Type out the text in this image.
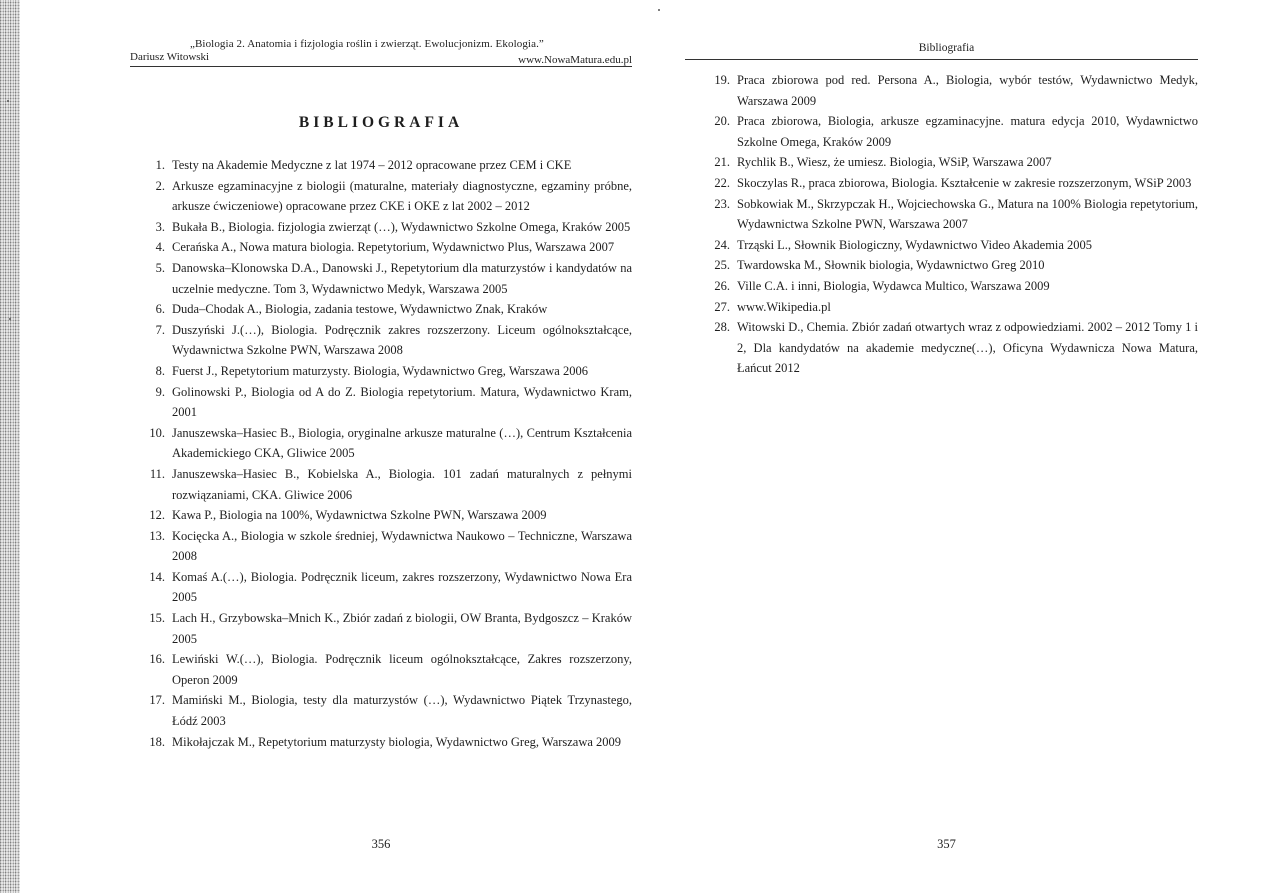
„Biologia 2. Anatomia i fizjologia roślin i zwierząt. Ewolucjonizm. Ekologia.”
Dariusz Witowski	www.NowaMatura.edu.pl
BIBLIOGRAFIA
1. Testy na Akademie Medyczne z lat 1974 – 2012 opracowane przez CEM i CKE
2. Arkusze egzaminacyjne z biologii (maturalne, materiały diagnostyczne, egzaminy próbne, arkusze ćwiczeniowe) opracowane przez CKE i OKE z lat 2002 – 2012
3. Bukała B., Biologia. fizjologia zwierząt (…), Wydawnictwo Szkolne Omega, Kraków 2005
4. Cerańska A., Nowa matura biologia. Repetytorium, Wydawnictwo Plus, Warszawa 2007
5. Danowska–Klonowska D.A., Danowski J., Repetytorium dla maturzystów i kandydatów na uczelnie medyczne. Tom 3, Wydawnictwo Medyk, Warszawa 2005
6. Duda–Chodak A., Biologia, zadania testowe, Wydawnictwo Znak, Kraków
7. Duszyński J.(…), Biologia. Podręcznik zakres rozszerzony. Liceum ogólnokształcące, Wydawnictwa Szkolne PWN, Warszawa 2008
8. Fuerst J., Repetytorium maturzysty. Biologia, Wydawnictwo Greg, Warszawa 2006
9. Golinowski P., Biologia od A do Z. Biologia repetytorium. Matura, Wydawnictwo Kram, 2001
10. Januszewska–Hasiec B., Biologia, oryginalne arkusze maturalne (…), Centrum Kształcenia Akademickiego CKA, Gliwice 2005
11. Januszewska–Hasiec B., Kobielska A., Biologia. 101 zadań maturalnych z pełnymi rozwiązaniami, CKA. Gliwice 2006
12. Kawa P., Biologia na 100%, Wydawnictwa Szkolne PWN, Warszawa 2009
13. Kocięcka A., Biologia w szkole średniej, Wydawnictwa Naukowo – Techniczne, Warszawa 2008
14. Komaś A.(…), Biologia. Podręcznik liceum, zakres rozszerzony, Wydawnictwo Nowa Era 2005
15. Lach H., Grzybowska–Mnich K., Zbiór zadań z biologii, OW Branta, Bydgoszcz – Kraków 2005
16. Lewiński W.(…), Biologia. Podręcznik liceum ogólnokształcące, Zakres rozszerzony, Operon 2009
17. Mamiński M., Biologia, testy dla maturzystów (…), Wydawnictwo Piątek Trzynastego, Łódź 2003
18. Mikołajczak M., Repetytorium maturzysty biologia, Wydawnictwo Greg, Warszawa 2009
356
Bibliografia
19. Praca zbiorowa pod red. Persona A., Biologia, wybór testów, Wydawnictwo Medyk, Warszawa 2009
20. Praca zbiorowa, Biologia, arkusze egzaminacyjne. matura edycja 2010, Wydawnictwo Szkolne Omega, Kraków 2009
21. Rychlik B., Wiesz, że umiesz. Biologia, WSiP, Warszawa 2007
22. Skoczylas R., praca zbiorowa, Biologia. Kształcenie w zakresie rozszerzonym, WSiP 2003
23. Sobkowiak M., Skrzypczak H., Wojciechowska G., Matura na 100% Biologia repetytorium, Wydawnictwa Szkolne PWN, Warszawa 2007
24. Trząski L., Słownik Biologiczny, Wydawnictwo Video Akademia 2005
25. Twardowska M., Słownik biologia, Wydawnictwo Greg 2010
26. Ville C.A. i inni, Biologia, Wydawca Multico, Warszawa 2009
27. www.Wikipedia.pl
28. Witowski D., Chemia. Zbiór zadań otwartych wraz z odpowiedziami. 2002 – 2012 Tomy 1 i 2, Dla kandydatów na akademie medyczne(…), Oficyna Wydawnicza Nowa Matura, Łańcut 2012
357
